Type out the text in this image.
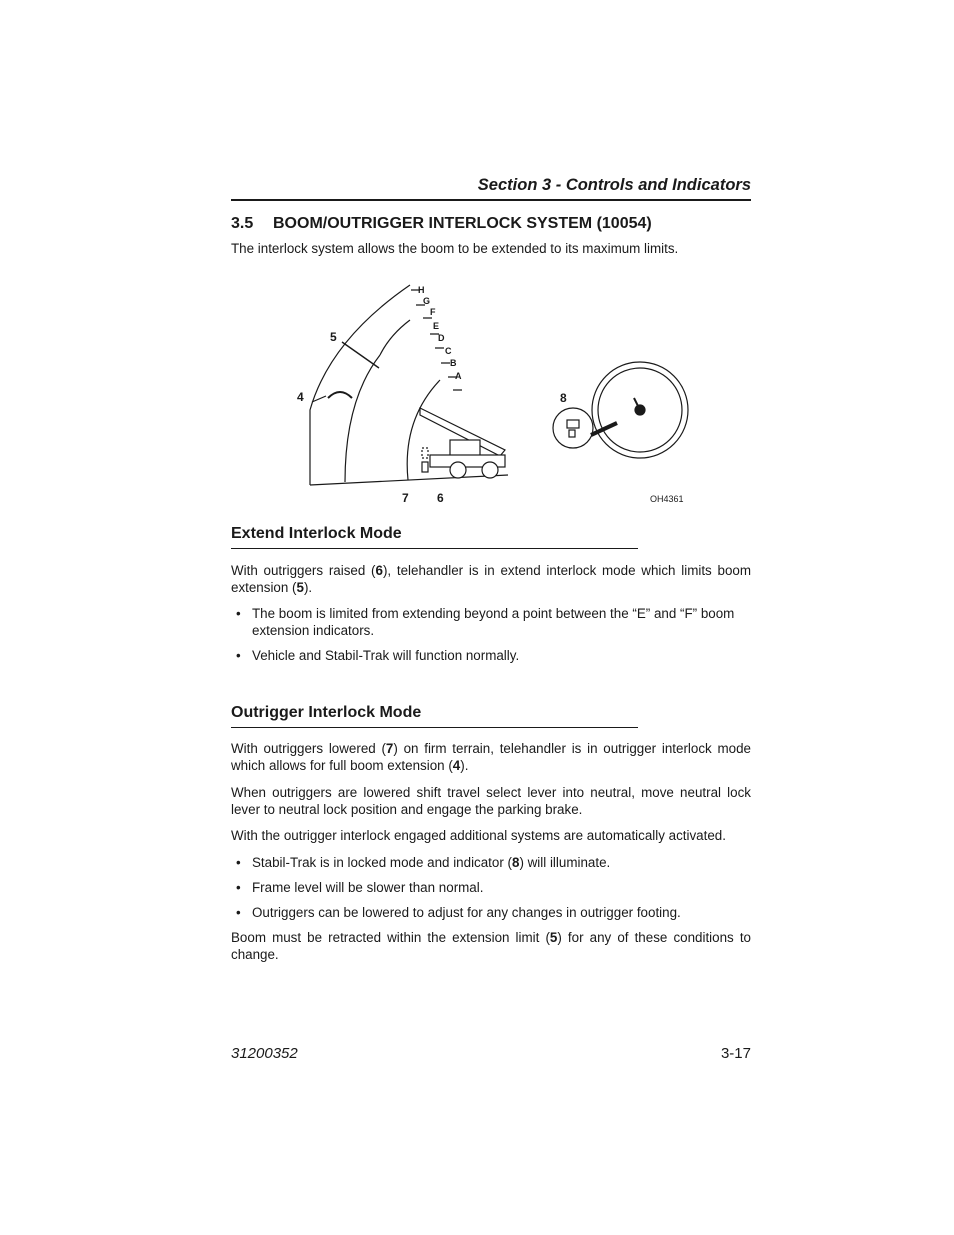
Section 3 - Controls and Indicators
3.5 BOOM/OUTRIGGER INTERLOCK SYSTEM (10054)

The interlock system allows the boom to be extended to its maximum limits.

Extend Interlock Mode

With outriggers raised (6), telehandler is in extend interlock mode which limits boom extension (5).

• The boom is limited from extending beyond a point between the “E” and “F” boom extension indicators.
• Vehicle and Stabil-Trak will function normally.
Outrigger Interlock Mode

With outriggers lowered (7) on firm terrain, telehandler is in outrigger interlock mode which allows for full boom extension (4).

When outriggers are lowered shift travel select lever into neutral, move neutral lock lever to neutral lock position and engage the parking brake.

With the outrigger interlock engaged additional systems are automatically activated.

• Stabil-Trak is in locked mode and indicator (8) will illuminate.
• Frame level will be slower than normal.
• Outriggers can be lowered to adjust for any changes in outrigger footing.

Boom must be retracted within the extension limit (5) for any of these conditions to change.

31200352	3-17
H
G
F
E
D
C
B
A
4
5
6
7
8
OH4361
